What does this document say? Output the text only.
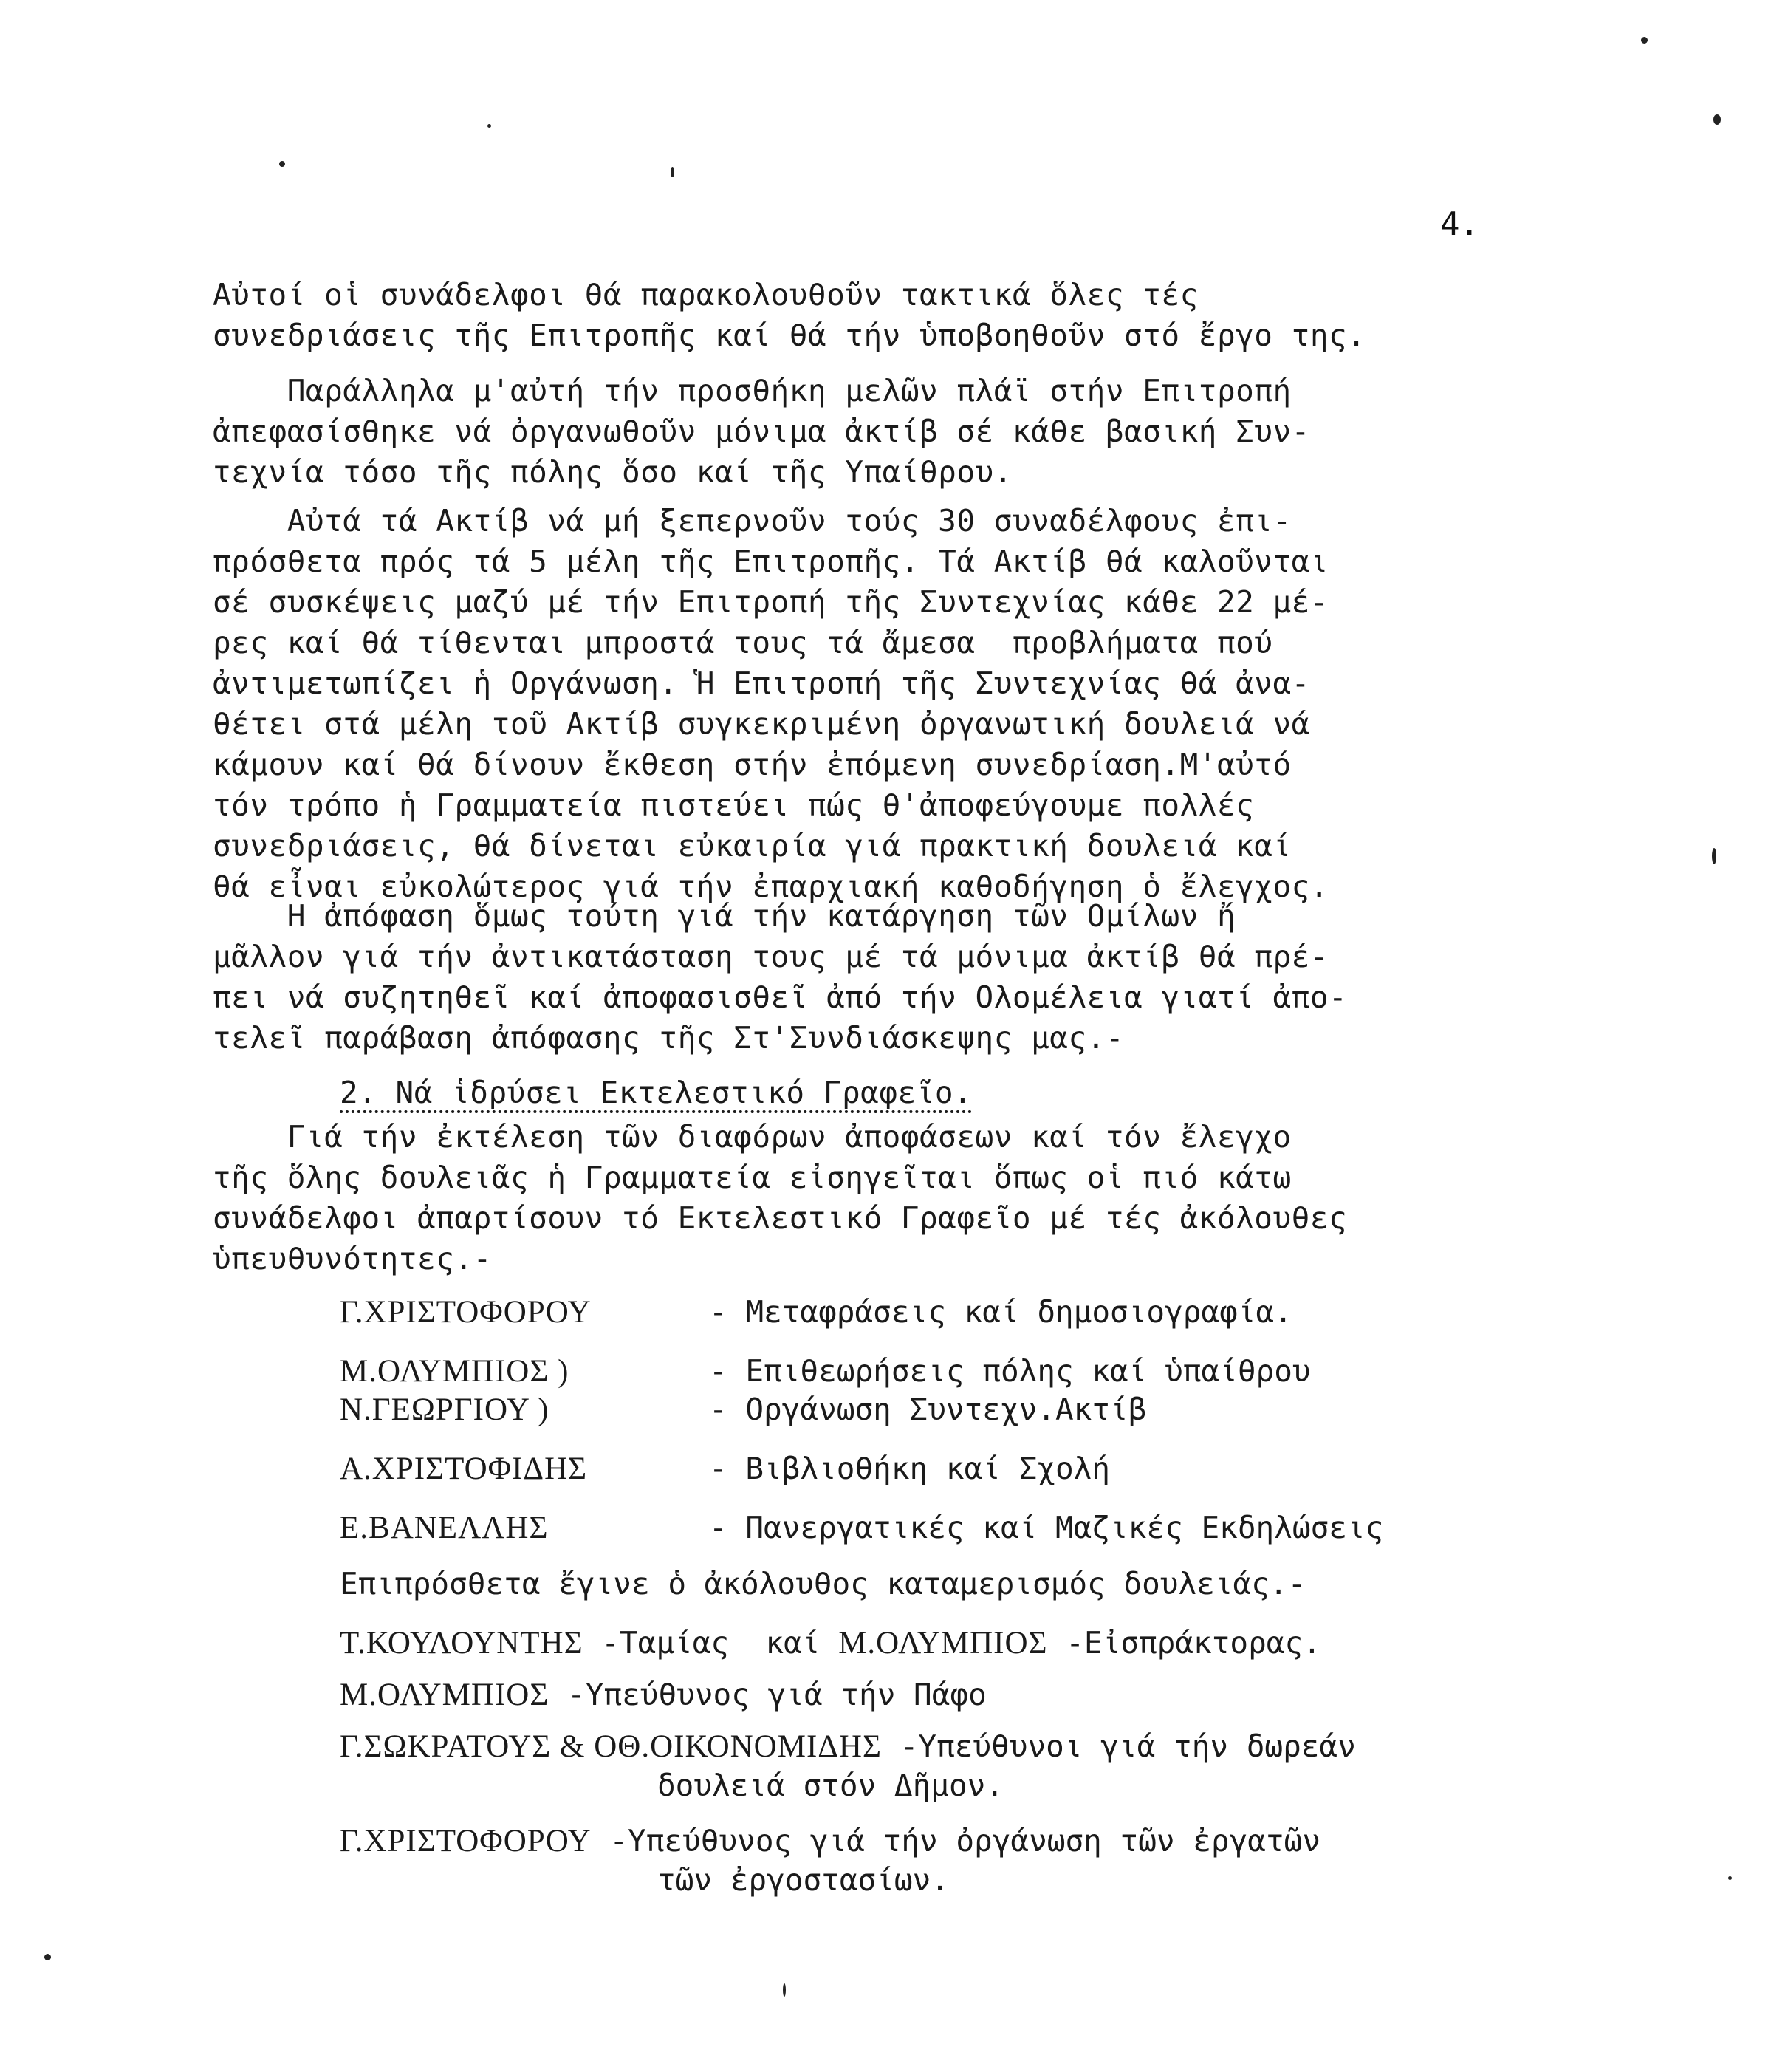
4.
Αὐτοί οἱ συνάδελφοι θά παρακολουθοῦν τακτικά ὅλες τές
συνεδριάσεις τῆς Επιτροπῆς καί θά τήν ὑποβοηθοῦν στό ἔργο της.
Παράλληλα μ'αὐτή τήν προσθήκη μελῶν πλάϊ στήν Επιτροπή
ἀπεφασίσθηκε νά ὀργανωθοῦν μόνιμα ἀκτίβ σέ κάθε βασική Συν-
τεχνία τόσο τῆς πόλης ὅσο καί τῆς Υπαίθρου.
Αὐτά τά Ακτίβ νά μή ξεπερνοῦν τούς 30 συναδέλφους ἐπι-
πρόσθετα πρός τά 5 μέλη τῆς Επιτροπῆς. Τά Ακτίβ θά καλοῦνται
σέ συσκέψεις μαζύ μέ τήν Επιτροπή τῆς Συντεχνίας κάθε 22 μέ-
ρες καί θά τίθενται μπροστά τους τά ἄμεσα  προβλήματα πού
ἀντιμετωπίζει ἡ Οργάνωση. Ἡ Επιτροπή τῆς Συντεχνίας θά ἀνα-
θέτει στά μέλη τοῦ Ακτίβ συγκεκριμένη ὀργανωτική δουλειά νά
κάμουν καί θά δίνουν ἔκθεση στήν ἐπόμενη συνεδρίαση.Μ'αὐτό
τόν τρόπο ἡ Γραμματεία πιστεύει πώς θ'ἀποφεύγουμε πολλές
συνεδριάσεις, θά δίνεται εὐκαιρία γιά πρακτική δουλειά καί
θά εἶναι εὐκολώτερος γιά τήν ἐπαρχιακή καθοδήγηση ὁ ἔλεγχος.
Η ἀπόφαση ὅμως τούτη γιά τήν κατάργηση τῶν Ομίλων ἤ
μᾶλλον γιά τήν ἀντικατάσταση τους μέ τά μόνιμα ἀκτίβ θά πρέ-
πει νά συζητηθεῖ καί ἀποφασισθεῖ ἀπό τήν Ολομέλεια γιατί ἀπο-
τελεῖ παράβαση ἀπόφασης τῆς Στ'Συνδιάσκεψης μας.-
2. Νά ἱδρύσει Εκτελεστικό Γραφεῖο.
Γιά τήν ἐκτέλεση τῶν διαφόρων ἀποφάσεων καί τόν ἔλεγχο
τῆς ὅλης δουλειᾶς ἡ Γραμματεία εἰσηγεῖται ὅπως οἱ πιό κάτω
συνάδελφοι ἀπαρτίσουν τό Εκτελεστικό Γραφεῖο μέ τές ἀκόλουθες
ὑπευθυνότητες.-
Γ.ΧΡΙΣΤΟΦΟΡΟΥ	- Μεταφράσεις καί δημοσιογραφία.
Μ.ΟΛΥΜΠΙΟΣ )	- Επιθεωρήσεις πόλης καί ὑπαίθρου
Ν.ΓΕΩΡΓΙΟΥ )	- Οργάνωση Συντεχν.Ακτίβ
Α.ΧΡΙΣΤΟΦΙΔΗΣ	- Βιβλιοθήκη καί Σχολή
Ε.ΒΑΝΕΛΛΗΣ	- Πανεργατικές καί Μαζικές Εκδηλώσεις
Επιπρόσθετα ἔγινε ὁ ἀκόλουθος καταμερισμός δουλειάς.-
Τ.ΚΟΥΛΟΥΝΤΗΣ -Ταμίας  καί Μ.ΟΛΥΜΠΙΟΣ -Εἰσπράκτορας.
Μ.ΟΛΥΜΠΙΟΣ -Υπεύθυνος γιά τήν Πάφο
Γ.ΣΩΚΡΑΤΟΥΣ & ΟΘ.ΟΙΚΟΝΟΜΙΔΗΣ -Υπεύθυνοι γιά τήν δωρεάν
δουλειά στόν Δῆμον.
Γ.ΧΡΙΣΤΟΦΟΡΟΥ -Υπεύθυνος γιά τήν ὀργάνωση τῶν ἐργατῶν
τῶν ἐργοστασίων.
